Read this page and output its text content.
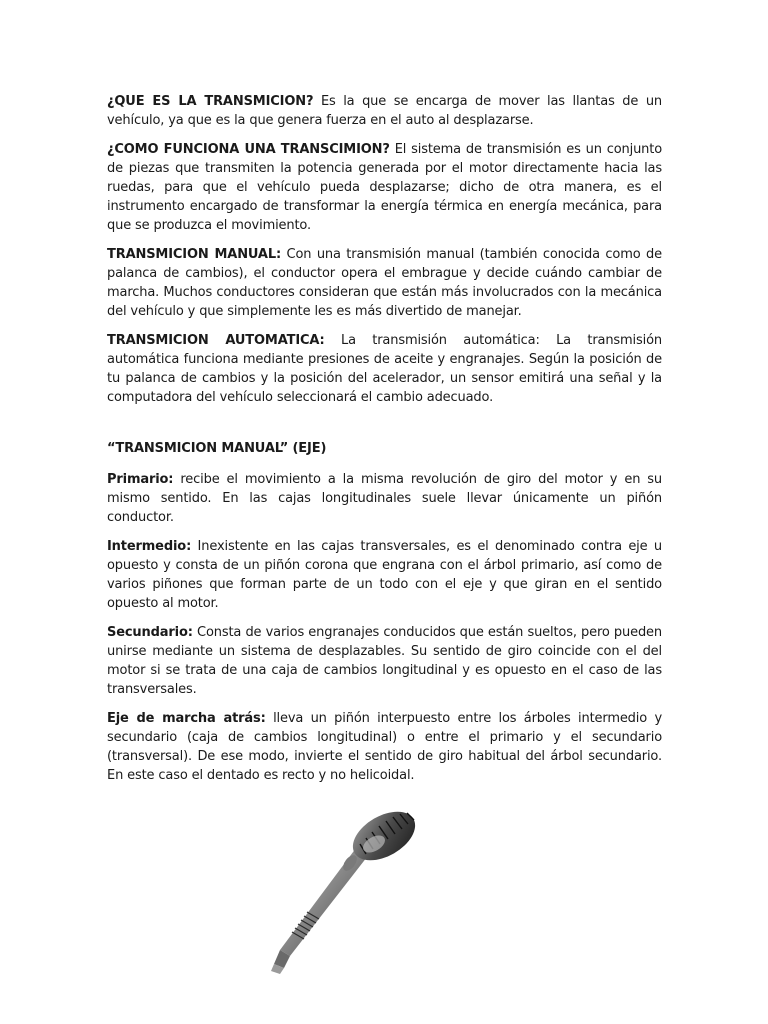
¿QUE ES LA TRANSMICION? Es la que se encarga de mover las llantas de un vehículo, ya que es la que genera fuerza en el auto al desplazarse.

¿COMO FUNCIONA UNA TRANSCIMION? El sistema de transmisión es un conjunto de piezas que transmiten la potencia generada por el motor directamente hacia las ruedas, para que el vehículo pueda desplazarse; dicho de otra manera, es el instrumento encargado de transformar la energía térmica en energía mecánica, para que se produzca el movimiento.

TRANSMICION MANUAL: Con una transmisión manual (también conocida como de palanca de cambios), el conductor opera el embrague y decide cuándo cambiar de marcha. Muchos conductores consideran que están más involucrados con la mecánica del vehículo y que simplemente les es más divertido de manejar.

TRANSMICION AUTOMATICA: La transmisión automática: La transmisión automática funciona mediante presiones de aceite y engranajes. Según la posición de tu palanca de cambios y la posición del acelerador, un sensor emitirá una señal y la computadora del vehículo seleccionará el cambio adecuado.

“TRANSMICION MANUAL” (EJE)

Primario: recibe el movimiento a la misma revolución de giro del motor y en su mismo sentido. En las cajas longitudinales suele llevar únicamente un piñón conductor.

Intermedio: Inexistente en las cajas transversales, es el denominado contra eje u opuesto y consta de un piñón corona que engrana con el árbol primario, así como de varios piñones que forman parte de un todo con el eje y que giran en el sentido opuesto al motor.

Secundario: Consta de varios engranajes conducidos que están sueltos, pero pueden unirse mediante un sistema de desplazables. Su sentido de giro coincide con el del motor si se trata de una caja de cambios longitudinal y es opuesto en el caso de las transversales.

Eje de marcha atrás: lleva un piñón interpuesto entre los árboles intermedio y secundario (caja de cambios longitudinal) o entre el primario y el secundario (transversal). De ese modo, invierte el sentido de giro habitual del árbol secundario. En este caso el dentado es recto y no helicoidal.
